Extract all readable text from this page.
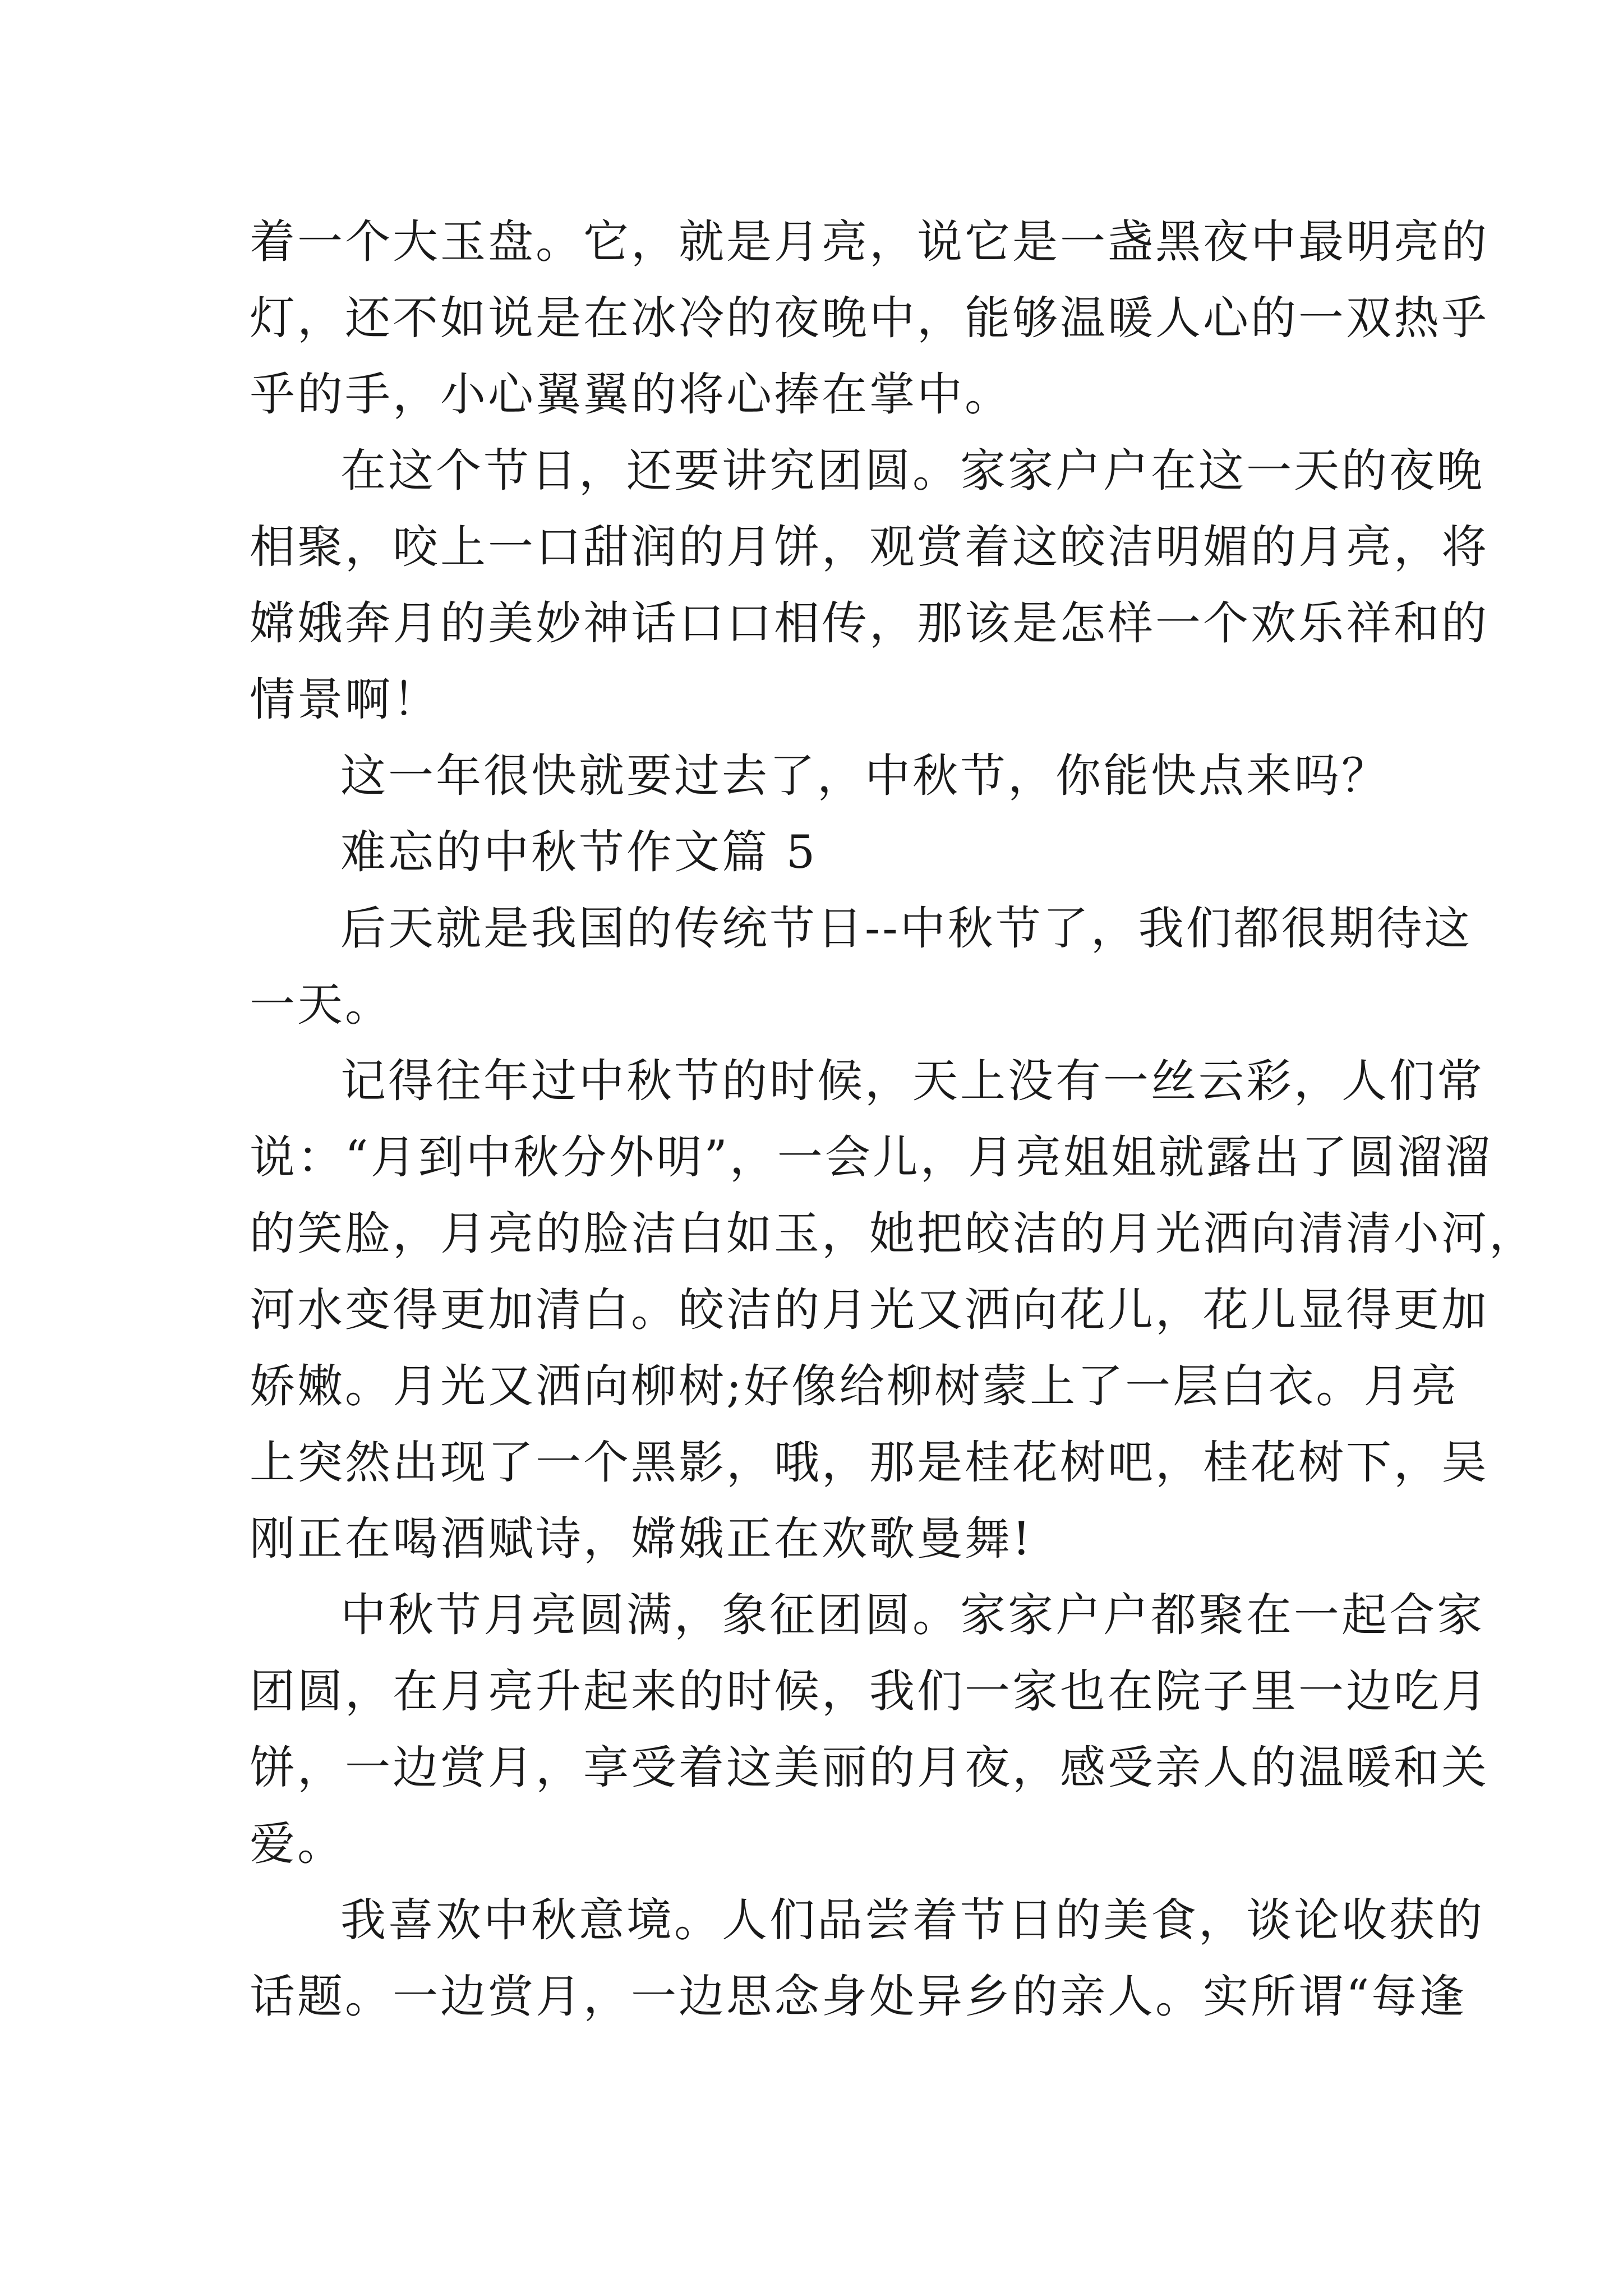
着一个大玉盘。它，就是月亮，说它是一盏黑夜中最明亮的
灯，还不如说是在冰冷的夜晚中，能够温暖人心的一双热乎
乎的手，小心翼翼的将心捧在掌中。
在这个节日，还要讲究团圆。家家户户在这一天的夜晚
相聚，咬上一口甜润的月饼，观赏着这皎洁明媚的月亮，将
嫦娥奔月的美妙神话口口相传，那该是怎样一个欢乐祥和的
情景啊！
这一年很快就要过去了，中秋节，你能快点来吗？
难忘的中秋节作文篇 5
后天就是我国的传统节日--中秋节了，我们都很期待这
一天。
记得往年过中秋节的时候，天上没有一丝云彩，人们常
说：“月到中秋分外明”，一会儿，月亮姐姐就露出了圆溜溜
的笑脸，月亮的脸洁白如玉，她把皎洁的月光洒向清清小河，
河水变得更加清白。皎洁的月光又洒向花儿，花儿显得更加
娇嫩。月光又洒向柳树;好像给柳树蒙上了一层白衣。月亮
上突然出现了一个黑影，哦，那是桂花树吧，桂花树下，吴
刚正在喝酒赋诗，嫦娥正在欢歌曼舞!
中秋节月亮圆满，象征团圆。家家户户都聚在一起合家
团圆，在月亮升起来的时候，我们一家也在院子里一边吃月
饼，一边赏月，享受着这美丽的月夜，感受亲人的温暖和关
爱。
我喜欢中秋意境。人们品尝着节日的美食，谈论收获的
话题。一边赏月，一边思念身处异乡的亲人。实所谓“每逢
